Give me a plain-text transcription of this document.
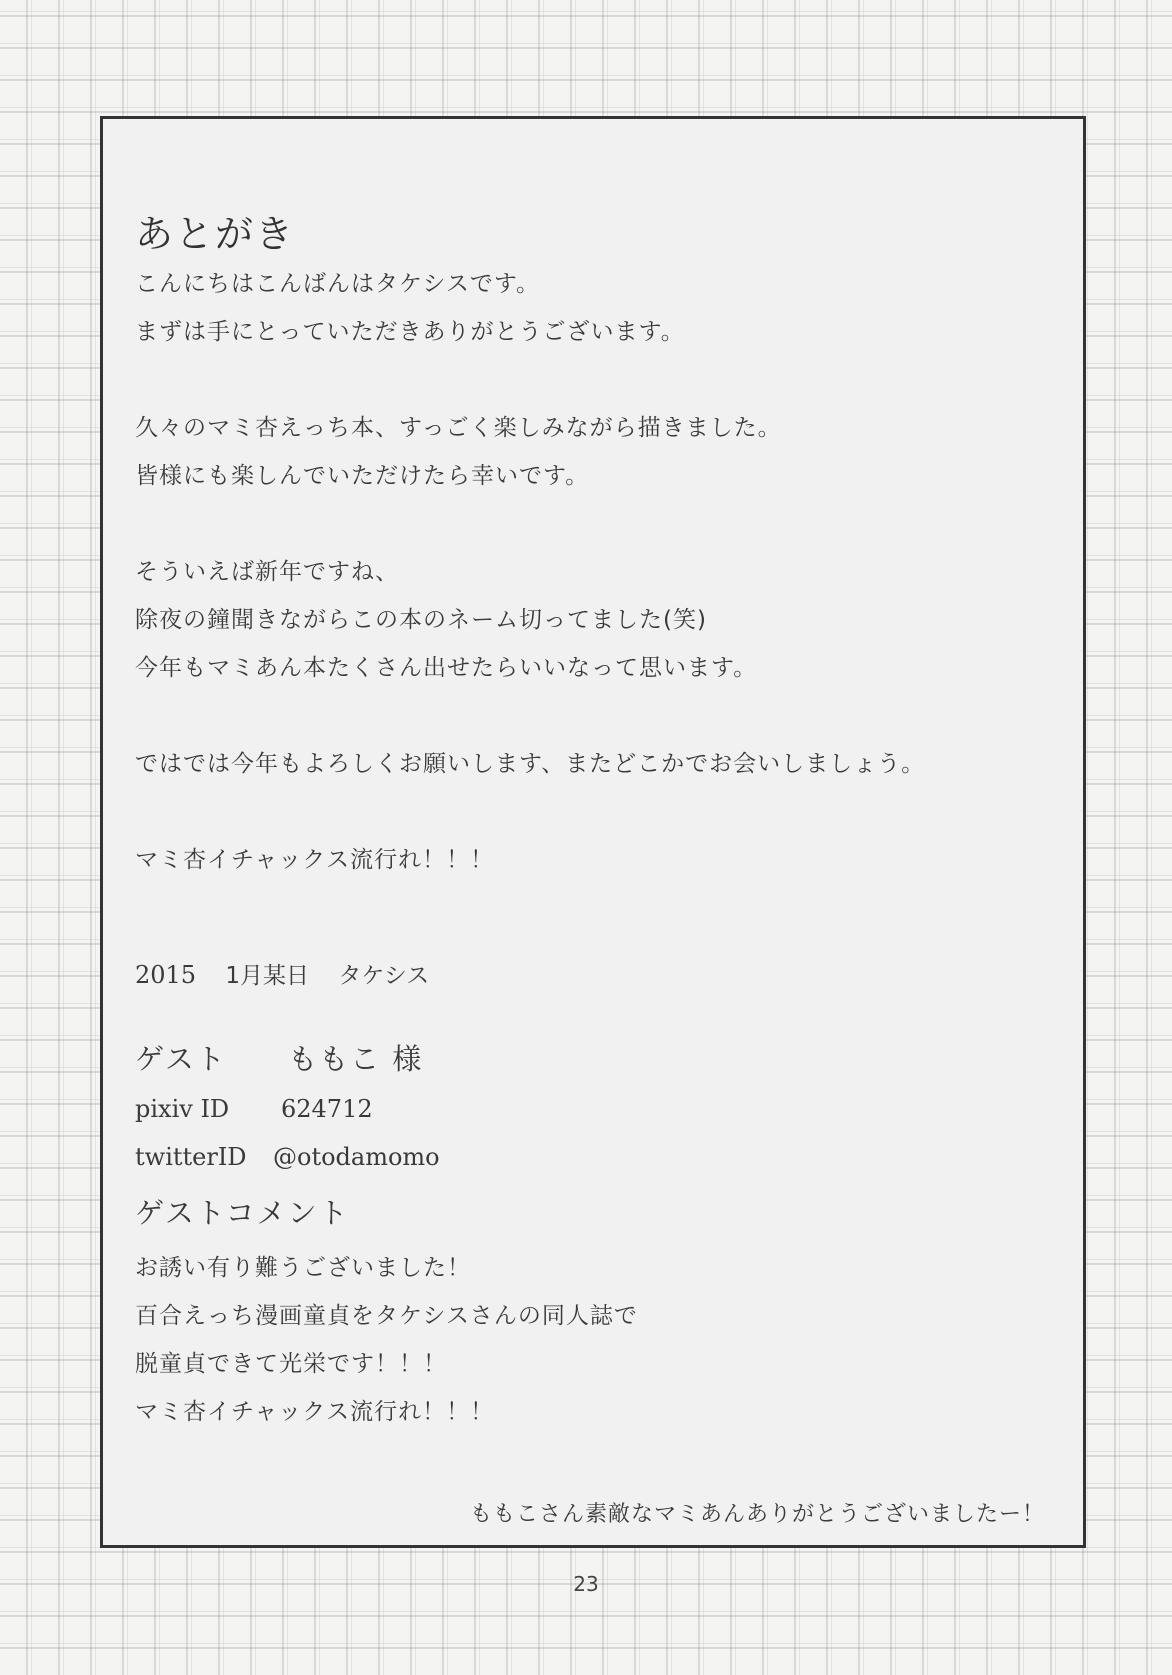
あとがき
こんにちはこんばんはタケシスです。
まずは手にとっていただきありがとうございます。
久々のマミ杏えっち本、すっごく楽しみながら描きました。
皆様にも楽しんでいただけたら幸いです。
そういえば新年ですね、
除夜の鐘聞きながらこの本のネーム切ってました(笑)
今年もマミあん本たくさん出せたらいいなって思います。
ではでは今年もよろしくお願いします、またどこかでお会いしましょう。
マミ杏イチャックス流行れ！！！
2015 1月某日 タケシス
ゲスト ももこ 様
pixiv ID 624712
twitterID @otodamomo
ゲストコメント
お誘い有り難うございました！
百合えっち漫画童貞をタケシスさんの同人誌で
脱童貞できて光栄です！！！
マミ杏イチャックス流行れ！！！
ももこさん素敵なマミあんありがとうございましたー！
23
